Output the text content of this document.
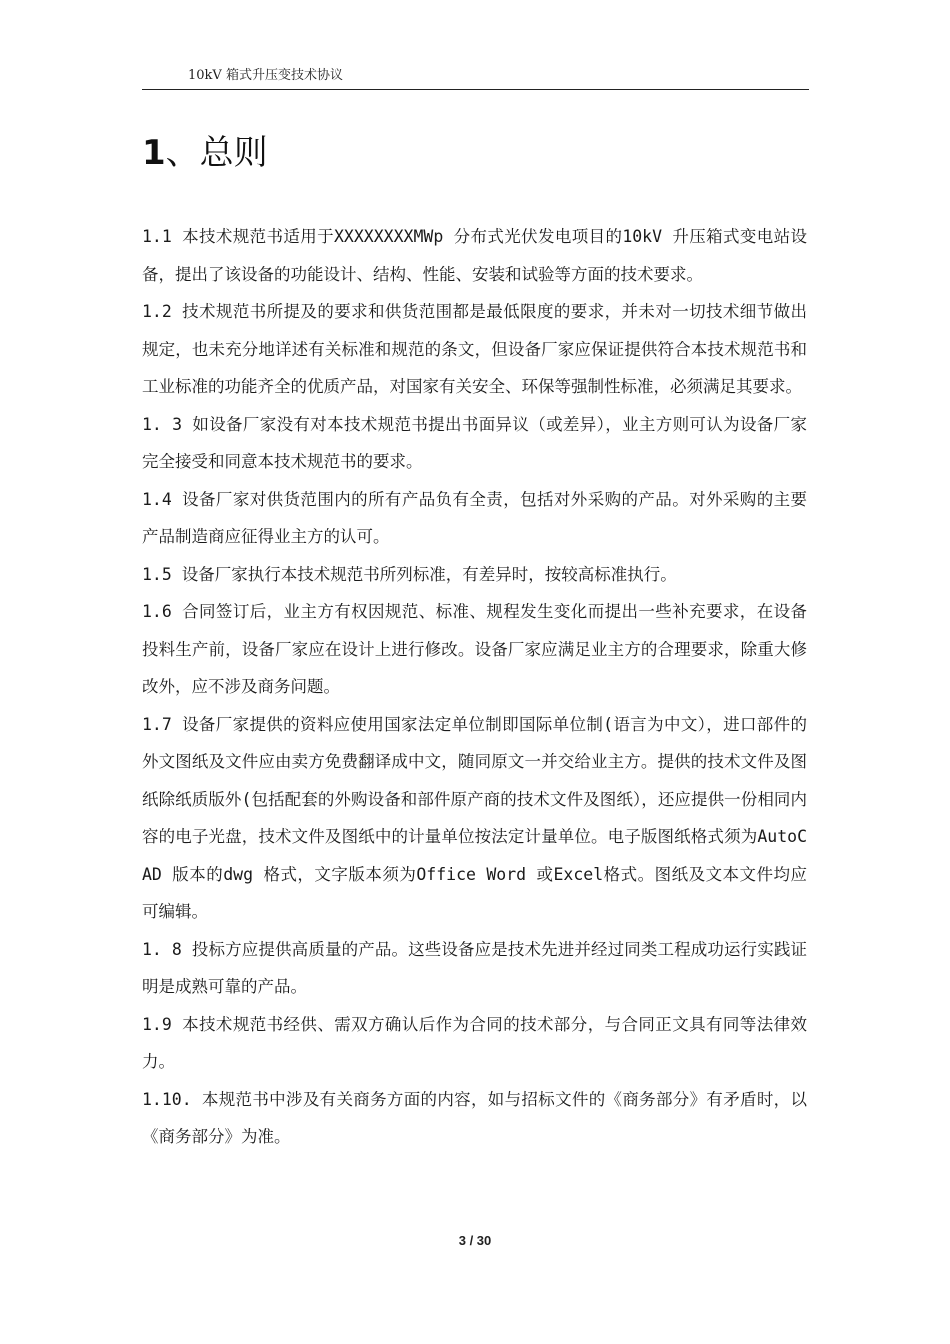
10kV 箱式升压变技术协议
1、总则

1.1 本技术规范书适用于XXXXXXXXMWp 分布式光伏发电项目的10kV 升压箱式变电站设备，提出了该设备的功能设计、结构、性能、安装和试验等方面的技术要求。

1.2 技术规范书所提及的要求和供货范围都是最低限度的要求，并未对一切技术细节做出规定，也未充分地详述有关标准和规范的条文，但设备厂家应保证提供符合本技术规范书和工业标准的功能齐全的优质产品，对国家有关安全、环保等强制性标准，必须满足其要求。

1. 3 如设备厂家没有对本技术规范书提出书面异议（或差异），业主方则可认为设备厂家完全接受和同意本技术规范书的要求。

1.4 设备厂家对供货范围内的所有产品负有全责，包括对外采购的产品。对外采购的主要产品制造商应征得业主方的认可。

1.5 设备厂家执行本技术规范书所列标准，有差异时，按较高标准执行。

1.6 合同签订后，业主方有权因规范、标准、规程发生变化而提出一些补充要求，在设备投料生产前，设备厂家应在设计上进行修改。设备厂家应满足业主方的合理要求，除重大修改外，应不涉及商务问题。

1.7 设备厂家提供的资料应使用国家法定单位制即国际单位制(语言为中文），进口部件的外文图纸及文件应由卖方免费翻译成中文，随同原文一并交给业主方。提供的技术文件及图纸除纸质版外(包括配套的外购设备和部件原产商的技术文件及图纸），还应提供一份相同内容的电子光盘，技术文件及图纸中的计量单位按法定计量单位。电子版图纸格式须为AutoCAD 版本的dwg 格式，文字版本须为Office Word 或Excel格式。图纸及文本文件均应可编辑。

1. 8 投标方应提供高质量的产品。这些设备应是技术先进并经过同类工程成功运行实践证明是成熟可靠的产品。

1.9 本技术规范书经供、需双方确认后作为合同的技术部分，与合同正文具有同等法律效力。

1.10. 本规范书中涉及有关商务方面的内容，如与招标文件的《商务部分》有矛盾时，以《商务部分》为准。

3 / 30
